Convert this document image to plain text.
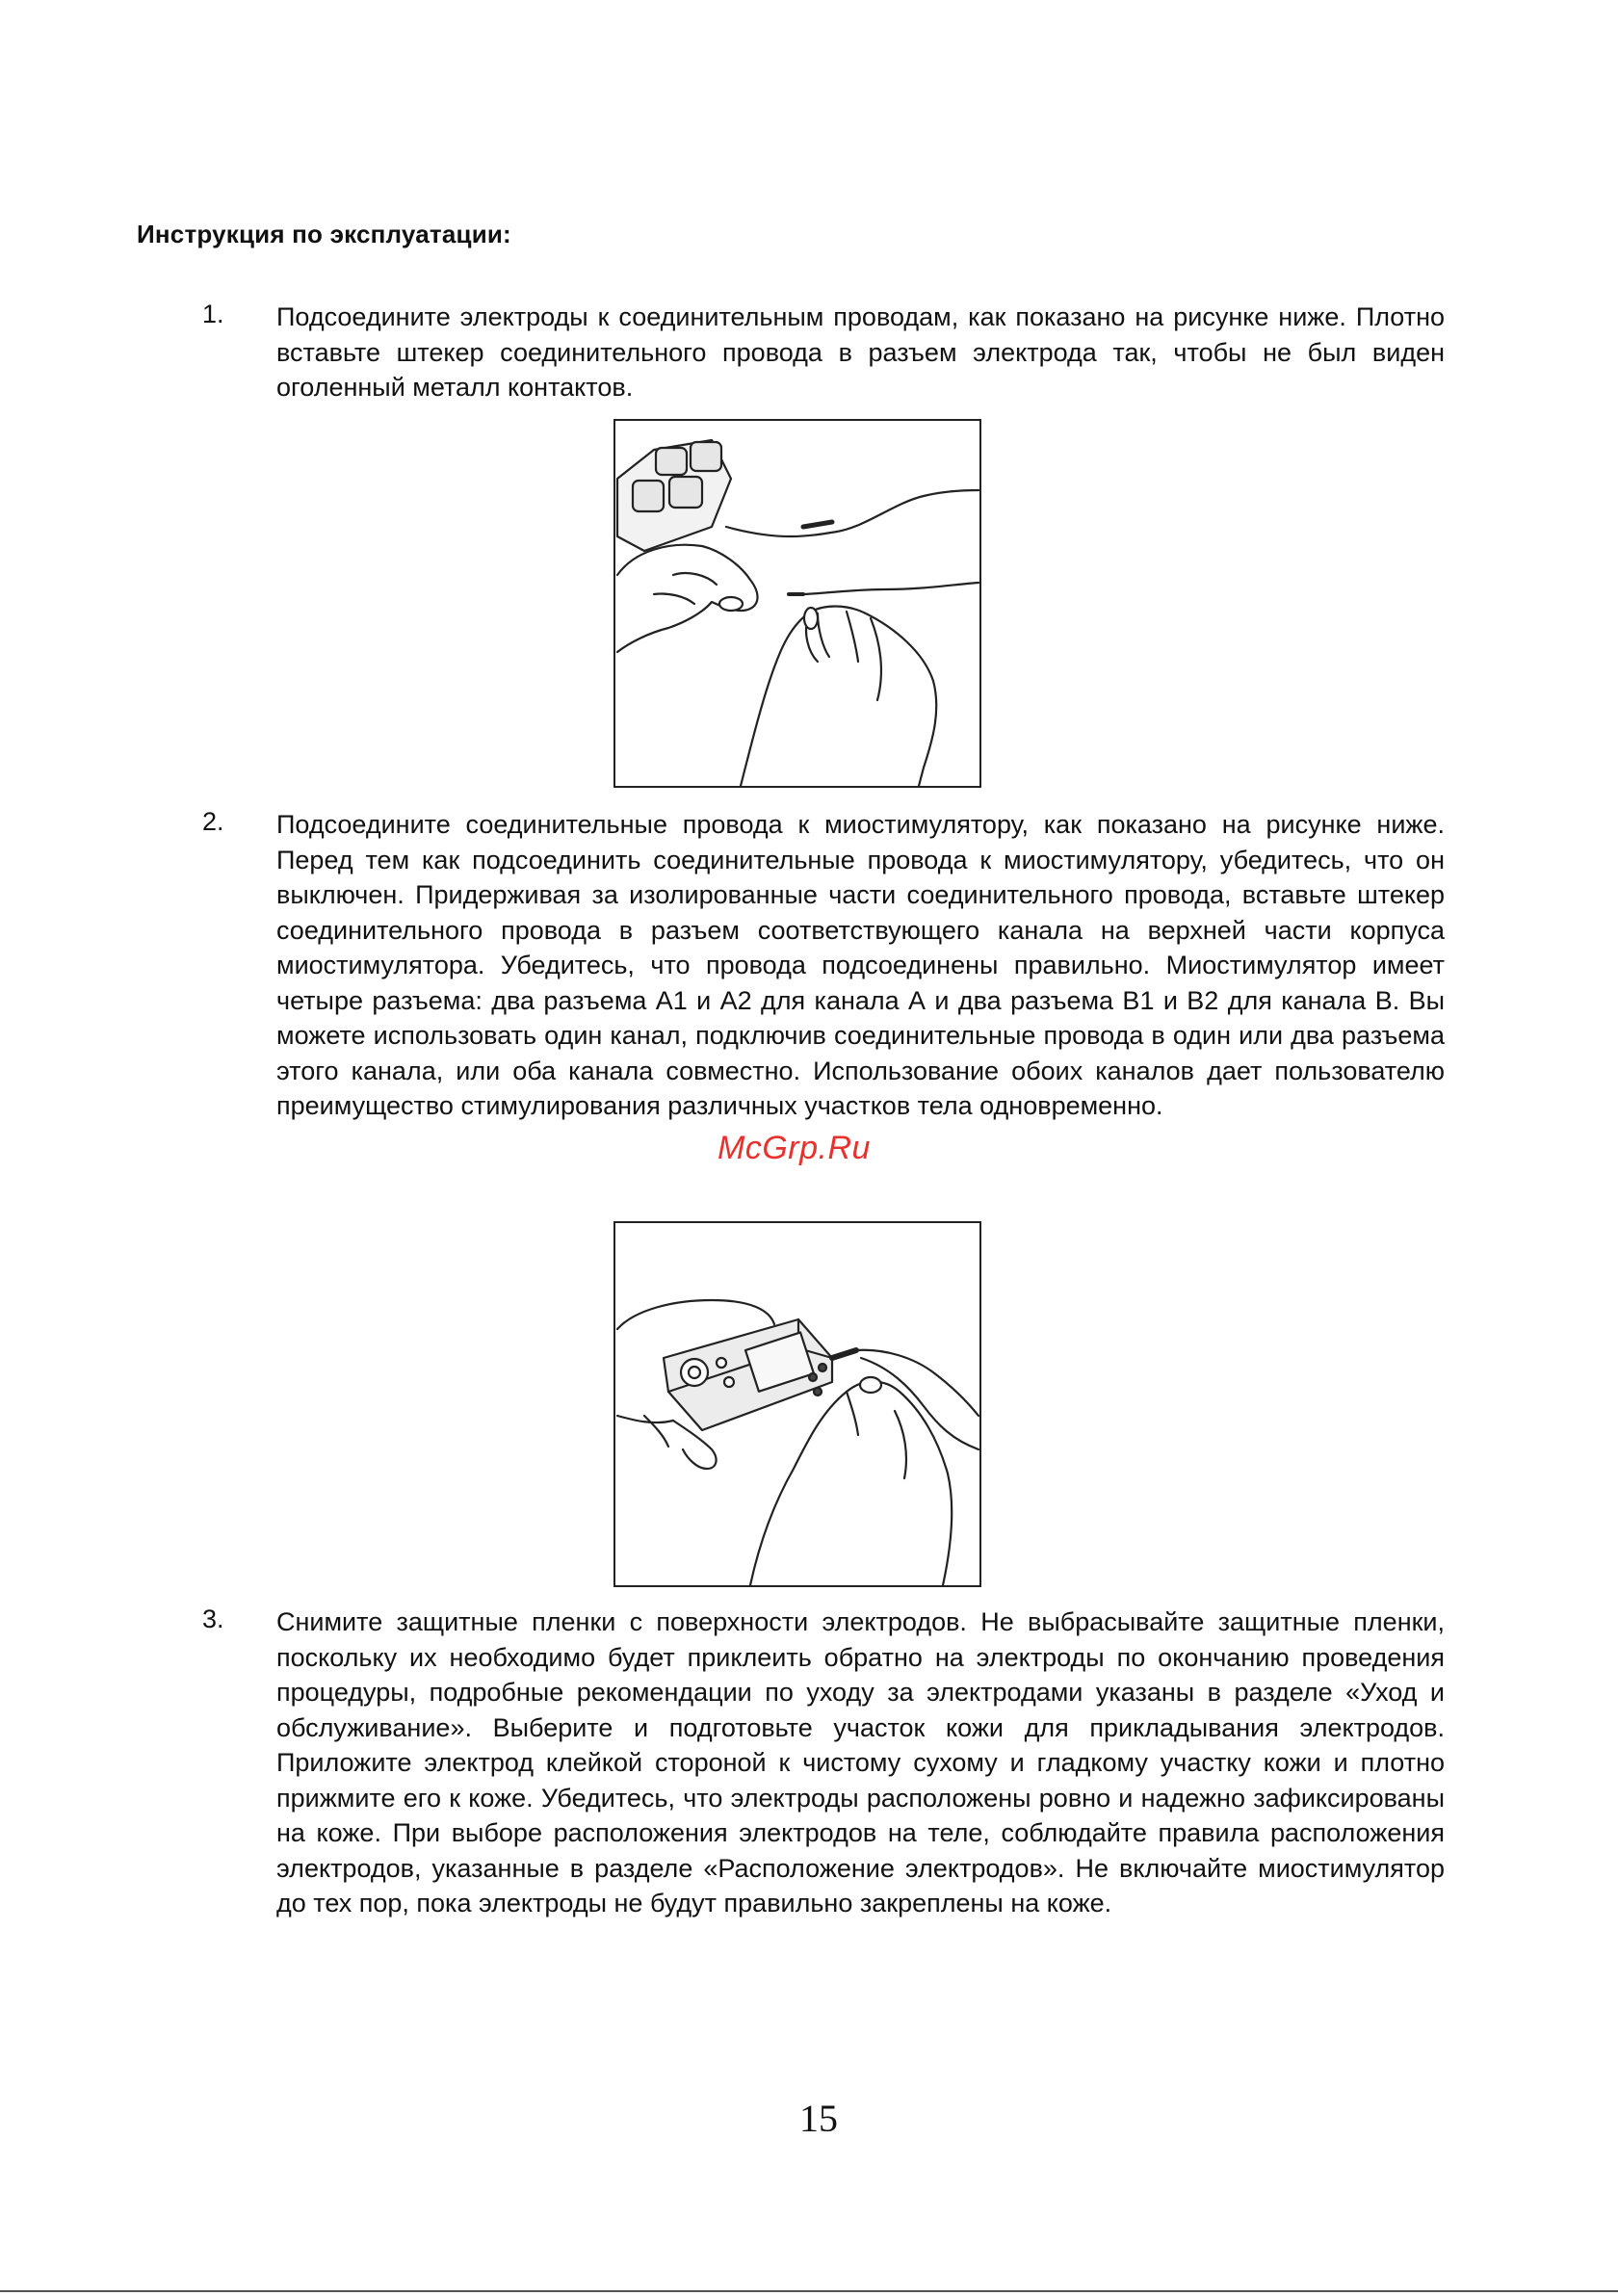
Инструкция по эксплуатации:
1. Подсоедините электроды к соединительным проводам, как показано на рисунке ниже. Плотно вставьте штекер соединительного провода в разъем электрода так, чтобы не был виден оголенный металл контактов.
2. Подсоедините соединительные провода к миостимулятору, как показано на рисунке ниже. Перед тем как подсоединить соединительные провода к миостимулятору, убедитесь, что он выключен. Придерживая за изолированные части соединительного провода, вставьте штекер соединительного провода в разъем соответствующего канала на верхней части корпуса миостимулятора. Убедитесь, что провода подсоединены правильно. Миостимулятор имеет четыре разъема: два разъема А1 и А2 для канала А и два разъема В1 и В2 для канала В. Вы можете использовать один канал, подключив соединительные провода в один или два разъема этого канала, или оба канала совместно. Использование обоих каналов дает пользователю преимущество стимулирования различных участков тела одновременно.
McGrp.Ru
3. Снимите защитные пленки с поверхности электродов. Не выбрасывайте защитные пленки, поскольку их необходимо будет приклеить обратно на электроды по окончанию проведения процедуры, подробные рекомендации по уходу за электродами указаны в разделе «Уход и обслуживание». Выберите и подготовьте участок кожи для прикладывания электродов. Приложите электрод клейкой стороной к чистому сухому и гладкому участку кожи и плотно прижмите его к коже. Убедитесь, что электроды расположены ровно и надежно зафиксированы на коже. При выборе расположения электродов на теле, соблюдайте правила расположения электродов, указанные в разделе «Расположение электродов». Не включайте миостимулятор до тех пор, пока электроды не будут правильно закреплены на коже.
15
